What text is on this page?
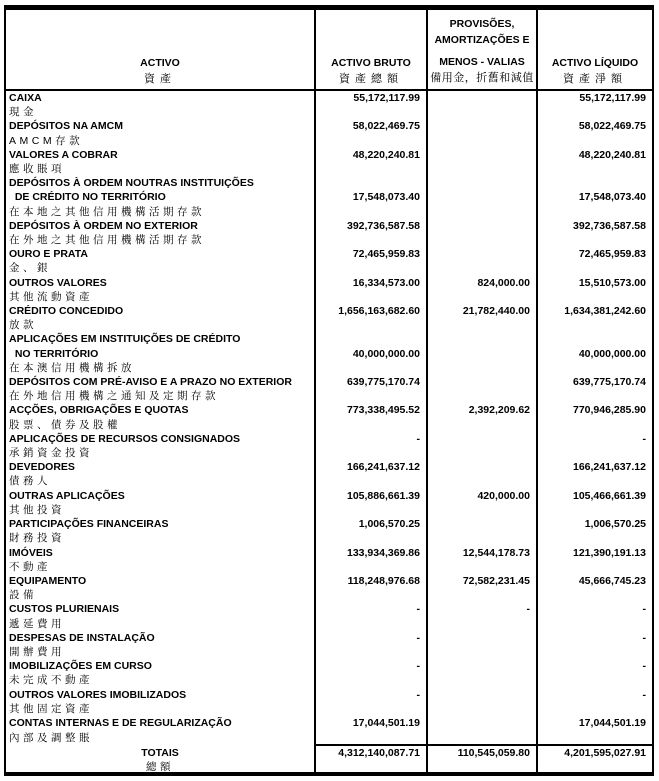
ACTIVO
資產

ACTIVO BRUTO
資產總額

PROVISÕES,
AMORTIZAÇÕES E
MENOS - VALIAS
備用金，折舊和減值

ACTIVO LÍQUIDO
資產淨額

CAIXA	55,172,117.99		55,172,117.99
現金			
DEPÓSITOS NA AMCM	58,022,469.75		58,022,469.75
AMCM存款			
VALORES A COBRAR	48,220,240.81		48,220,240.81
應收賬項			
DEPÓSITOS À ORDEM NOUTRAS INSTITUIÇÕES			
DE CRÉDITO NO TERRITÓRIO	17,548,073.40		17,548,073.40
在本地之其他信用機構活期存款			
DEPÓSITOS À ORDEM NO EXTERIOR	392,736,587.58		392,736,587.58
在外地之其他信用機構活期存款			
OURO E PRATA	72,465,959.83		72,465,959.83
金、銀			
OUTROS VALORES	16,334,573.00	824,000.00	15,510,573.00
其他流動資產			
CRÉDITO CONCEDIDO	1,656,163,682.60	21,782,440.00	1,634,381,242.60
放款			
APLICAÇÕES EM INSTITUIÇÕES DE CRÉDITO			
NO TERRITÓRIO	40,000,000.00		40,000,000.00
在本澳信用機構拆放			
DEPÓSITOS COM PRÉ-AVISO E A PRAZO NO EXTERIOR	639,775,170.74		639,775,170.74
在外地信用機構之通知及定期存款			
ACÇÕES, OBRIGAÇÕES E QUOTAS	773,338,495.52	2,392,209.62	770,946,285.90
股票、債券及股權			
APLICAÇÕES DE RECURSOS CONSIGNADOS	-		-
承銷資金投資			
DEVEDORES	166,241,637.12		166,241,637.12
債務人			
OUTRAS APLICAÇÕES	105,886,661.39	420,000.00	105,466,661.39
其他投資			
PARTICIPAÇÕES FINANCEIRAS	1,006,570.25		1,006,570.25
財務投資			
IMÓVEIS	133,934,369.86	12,544,178.73	121,390,191.13
不動產			
EQUIPAMENTO	118,248,976.68	72,582,231.45	45,666,745.23
設備			
CUSTOS PLURIENAIS	-	-	-
遞延費用			
DESPESAS DE INSTALAÇÃO	-		-
開辦費用			
IMOBILIZAÇÕES EM CURSO	-		-
未完成不動產			
OUTROS VALORES IMOBILIZADOS	-		-
其他固定資產			
CONTAS INTERNAS E DE REGULARIZAÇÃO	17,044,501.19		17,044,501.19
內部及調整賬			
TOTAIS	4,312,140,087.71	110,545,059.80	4,201,595,027.91
總額			
